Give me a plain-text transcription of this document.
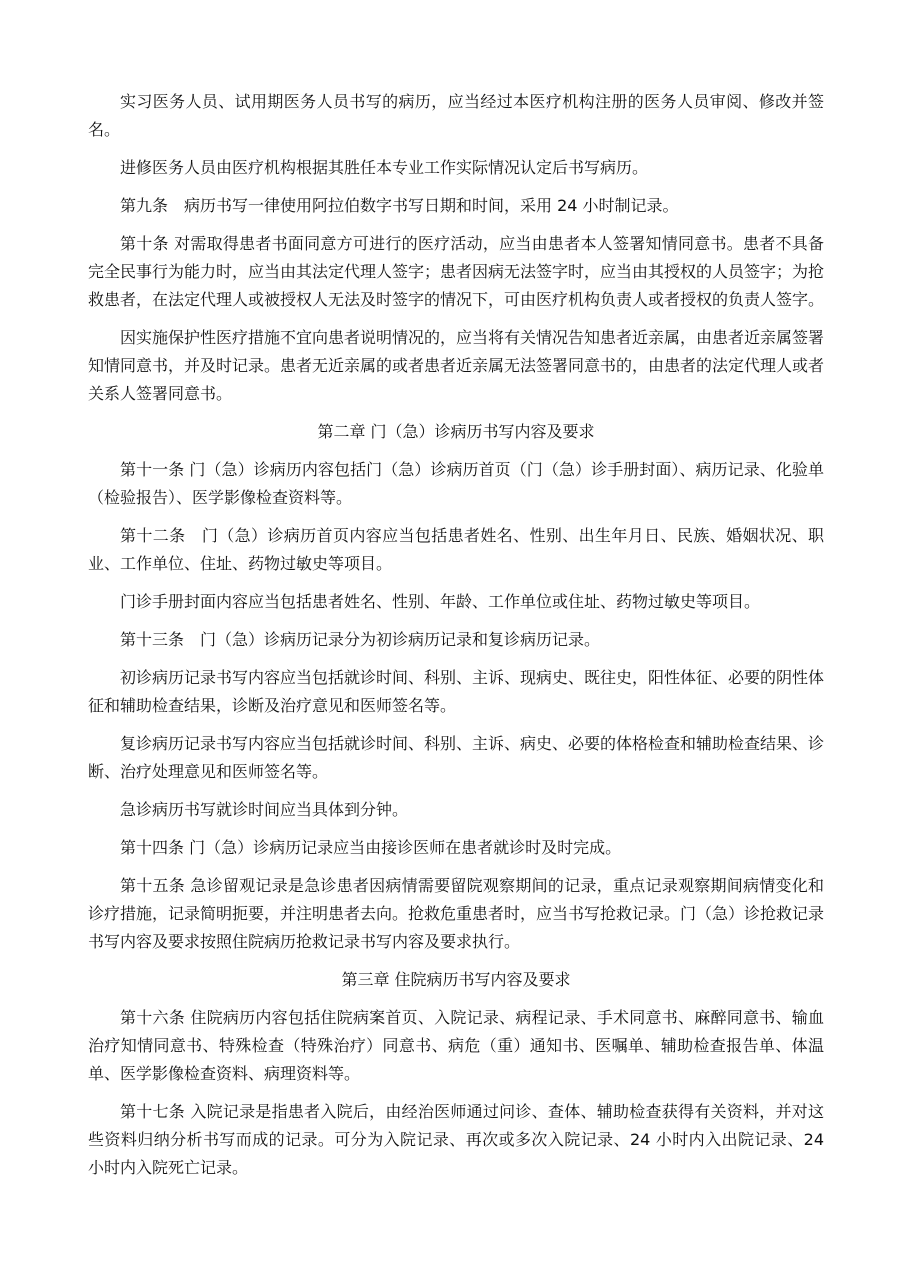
实习医务人员、试用期医务人员书写的病历，应当经过本医疗机构注册的医务人员审阅、修改并签名。

进修医务人员由医疗机构根据其胜任本专业工作实际情况认定后书写病历。

第九条　病历书写一律使用阿拉伯数字书写日期和时间，采用 24 小时制记录。

第十条 对需取得患者书面同意方可进行的医疗活动，应当由患者本人签署知情同意书。患者不具备完全民事行为能力时，应当由其法定代理人签字；患者因病无法签字时，应当由其授权的人员签字；为抢救患者，在法定代理人或被授权人无法及时签字的情况下，可由医疗机构负责人或者授权的负责人签字。

因实施保护性医疗措施不宜向患者说明情况的，应当将有关情况告知患者近亲属，由患者近亲属签署知情同意书，并及时记录。患者无近亲属的或者患者近亲属无法签署同意书的，由患者的法定代理人或者关系人签署同意书。

第二章 门（急）诊病历书写内容及要求

第十一条 门（急）诊病历内容包括门（急）诊病历首页（门（急）诊手册封面）、病历记录、化验单（检验报告）、医学影像检查资料等。

第十二条　门（急）诊病历首页内容应当包括患者姓名、性别、出生年月日、民族、婚姻状况、职业、工作单位、住址、药物过敏史等项目。

门诊手册封面内容应当包括患者姓名、性别、年龄、工作单位或住址、药物过敏史等项目。

第十三条　门（急）诊病历记录分为初诊病历记录和复诊病历记录。

初诊病历记录书写内容应当包括就诊时间、科别、主诉、现病史、既往史，阳性体征、必要的阴性体征和辅助检查结果，诊断及治疗意见和医师签名等。

复诊病历记录书写内容应当包括就诊时间、科别、主诉、病史、必要的体格检查和辅助检查结果、诊断、治疗处理意见和医师签名等。

急诊病历书写就诊时间应当具体到分钟。

第十四条 门（急）诊病历记录应当由接诊医师在患者就诊时及时完成。

第十五条 急诊留观记录是急诊患者因病情需要留院观察期间的记录，重点记录观察期间病情变化和诊疗措施，记录简明扼要，并注明患者去向。抢救危重患者时，应当书写抢救记录。门（急）诊抢救记录书写内容及要求按照住院病历抢救记录书写内容及要求执行。

第三章 住院病历书写内容及要求

第十六条 住院病历内容包括住院病案首页、入院记录、病程记录、手术同意书、麻醉同意书、输血治疗知情同意书、特殊检查（特殊治疗）同意书、病危（重）通知书、医嘱单、辅助检查报告单、体温单、医学影像检查资料、病理资料等。

第十七条 入院记录是指患者入院后，由经治医师通过问诊、查体、辅助检查获得有关资料，并对这些资料归纳分析书写而成的记录。可分为入院记录、再次或多次入院记录、24 小时内入出院记录、24 小时内入院死亡记录。
